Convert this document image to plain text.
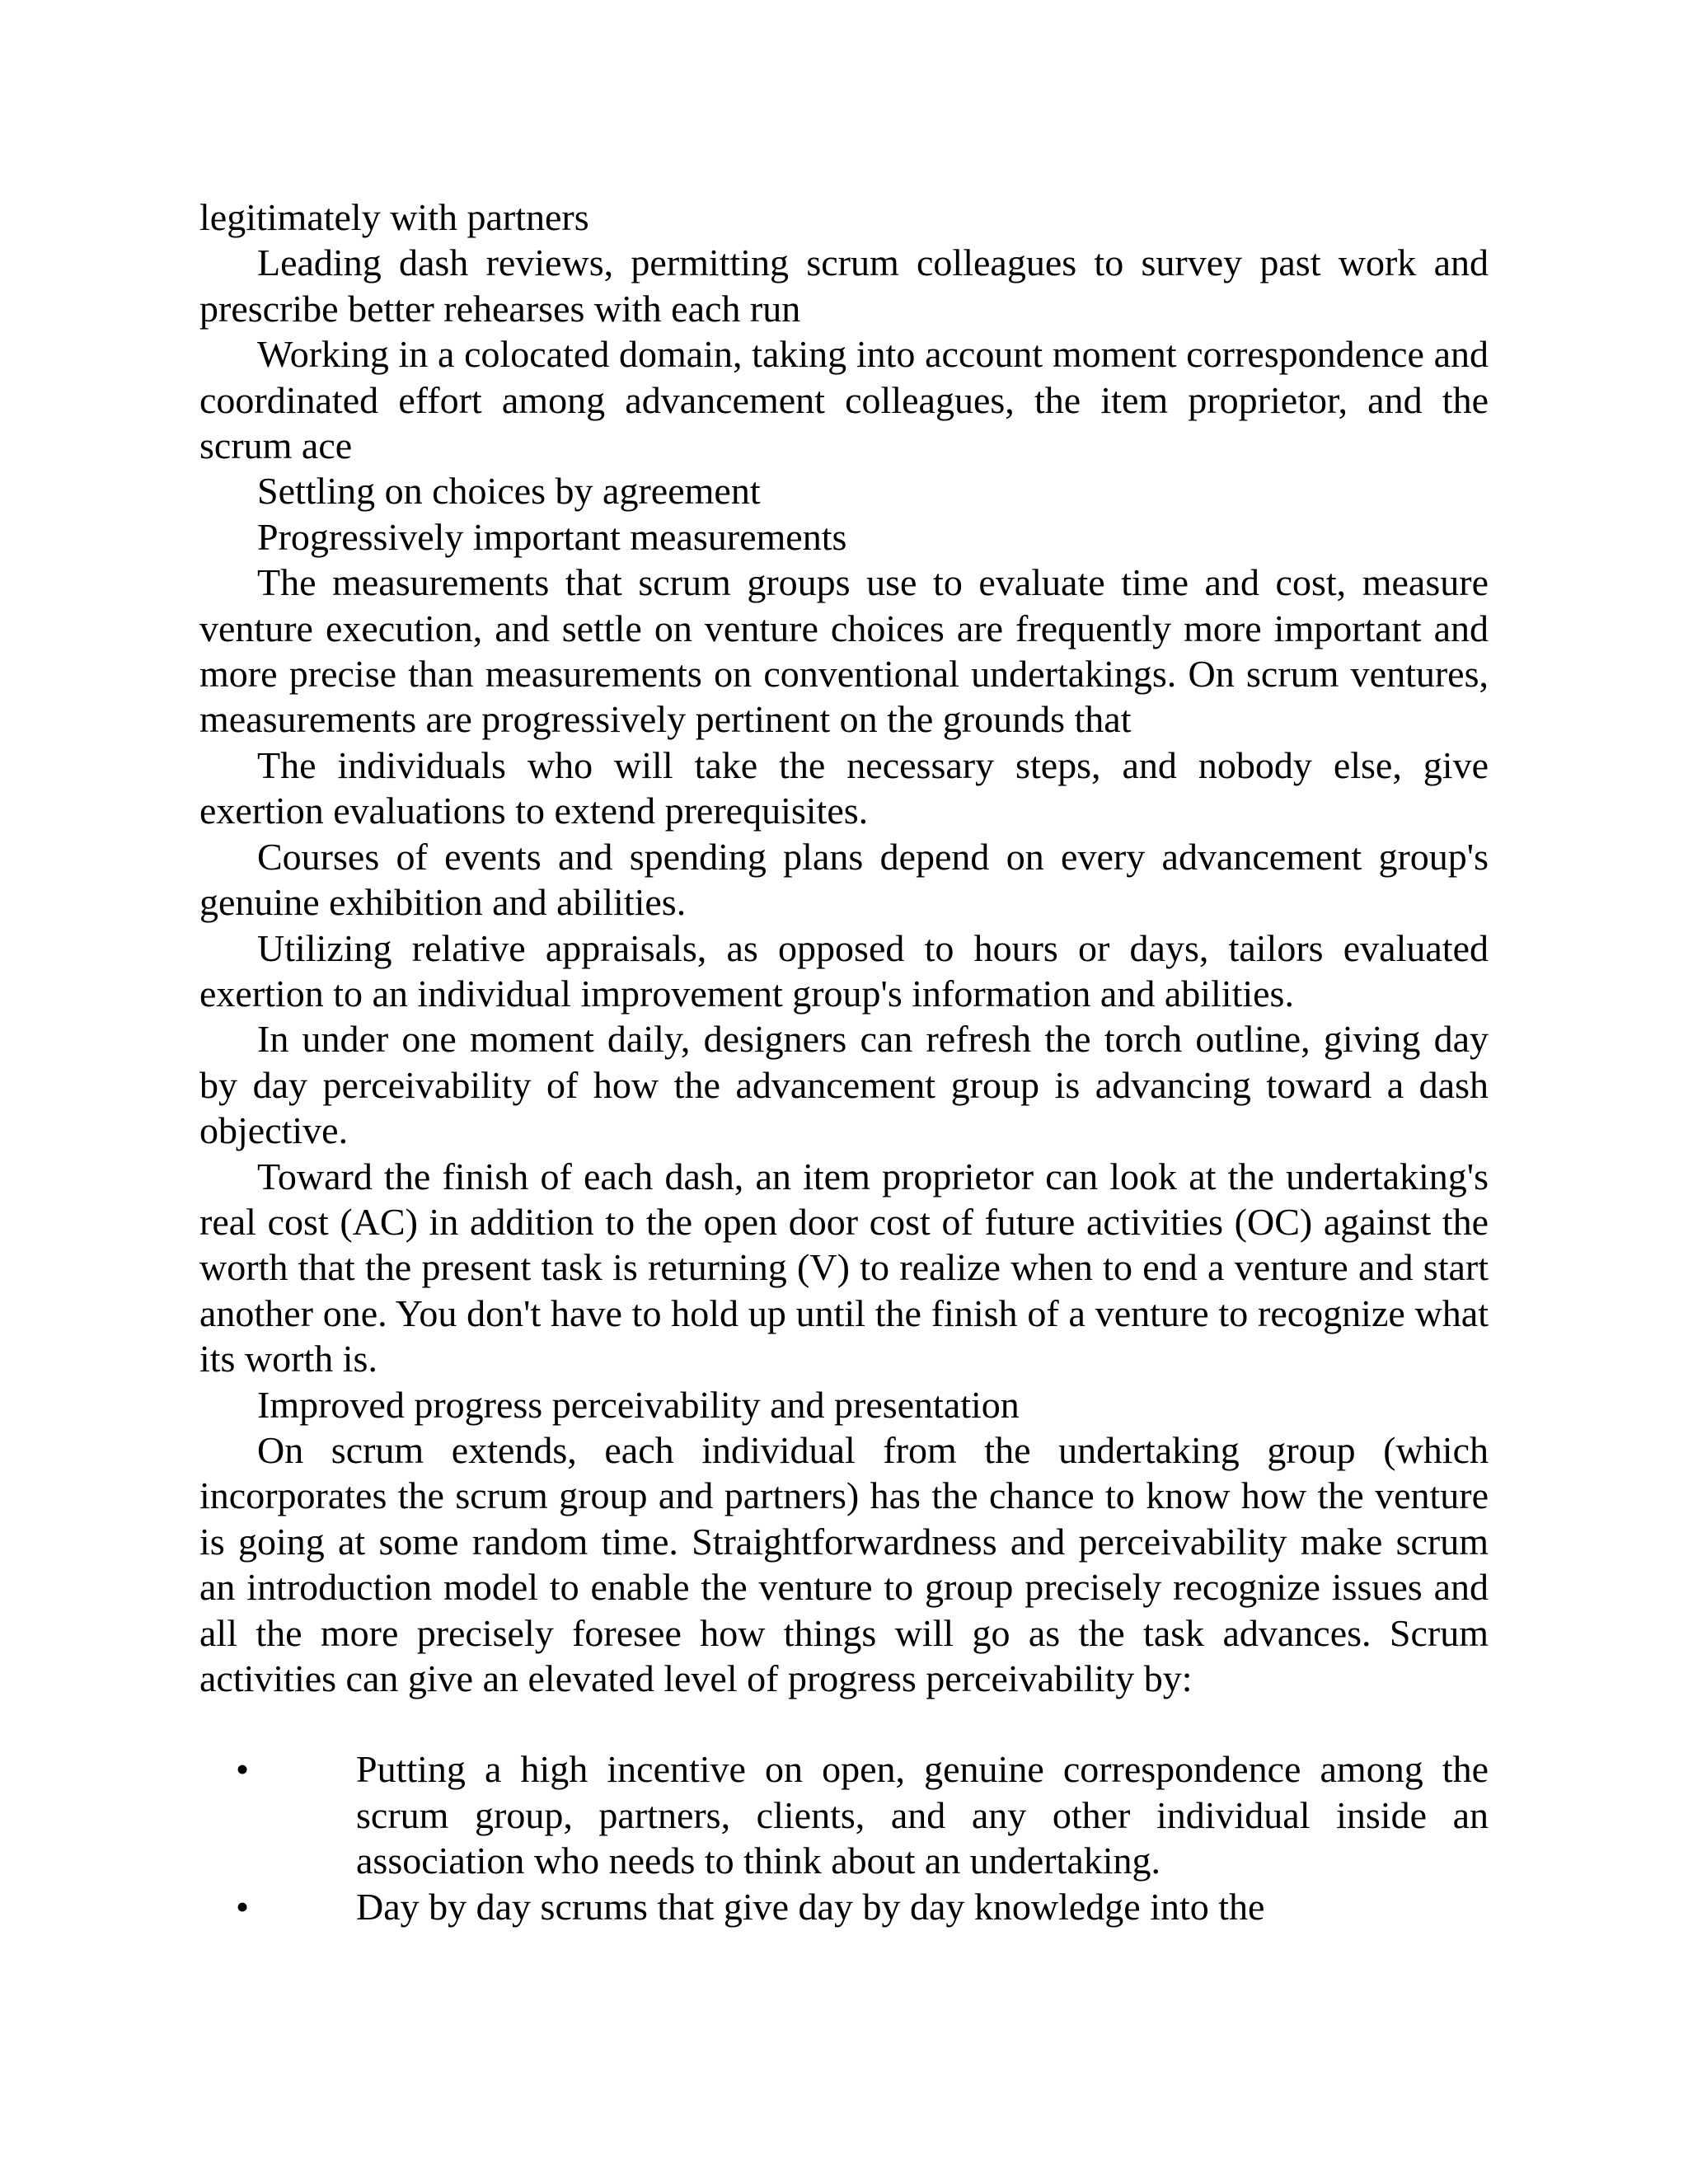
legitimately with partners

Leading dash reviews, permitting scrum colleagues to survey past work and prescribe better rehearses with each run

Working in a colocated domain, taking into account moment correspondence and coordinated effort among advancement colleagues, the item proprietor, and the scrum ace

Settling on choices by agreement

Progressively important measurements

The measurements that scrum groups use to evaluate time and cost, measure venture execution, and settle on venture choices are frequently more important and more precise than measurements on conventional undertakings. On scrum ventures, measurements are progressively pertinent on the grounds that

The individuals who will take the necessary steps, and nobody else, give exertion evaluations to extend prerequisites.

Courses of events and spending plans depend on every advancement group's genuine exhibition and abilities.

Utilizing relative appraisals, as opposed to hours or days, tailors evaluated exertion to an individual improvement group's information and abilities.

In under one moment daily, designers can refresh the torch outline, giving day by day perceivability of how the advancement group is advancing toward a dash objective.

Toward the finish of each dash, an item proprietor can look at the undertaking's real cost (AC) in addition to the open door cost of future activities (OC) against the worth that the present task is returning (V) to realize when to end a venture and start another one. You don't have to hold up until the finish of a venture to recognize what its worth is.

Improved progress perceivability and presentation

On scrum extends, each individual from the undertaking group (which incorporates the scrum group and partners) has the chance to know how the venture is going at some random time. Straightforwardness and perceivability make scrum an introduction model to enable the venture to group precisely recognize issues and all the more precisely foresee how things will go as the task advances. Scrum activities can give an elevated level of progress perceivability by:

•	Putting a high incentive on open, genuine correspondence among the scrum group, partners, clients, and any other individual inside an association who needs to think about an undertaking.
•	Day by day scrums that give day by day knowledge into the
